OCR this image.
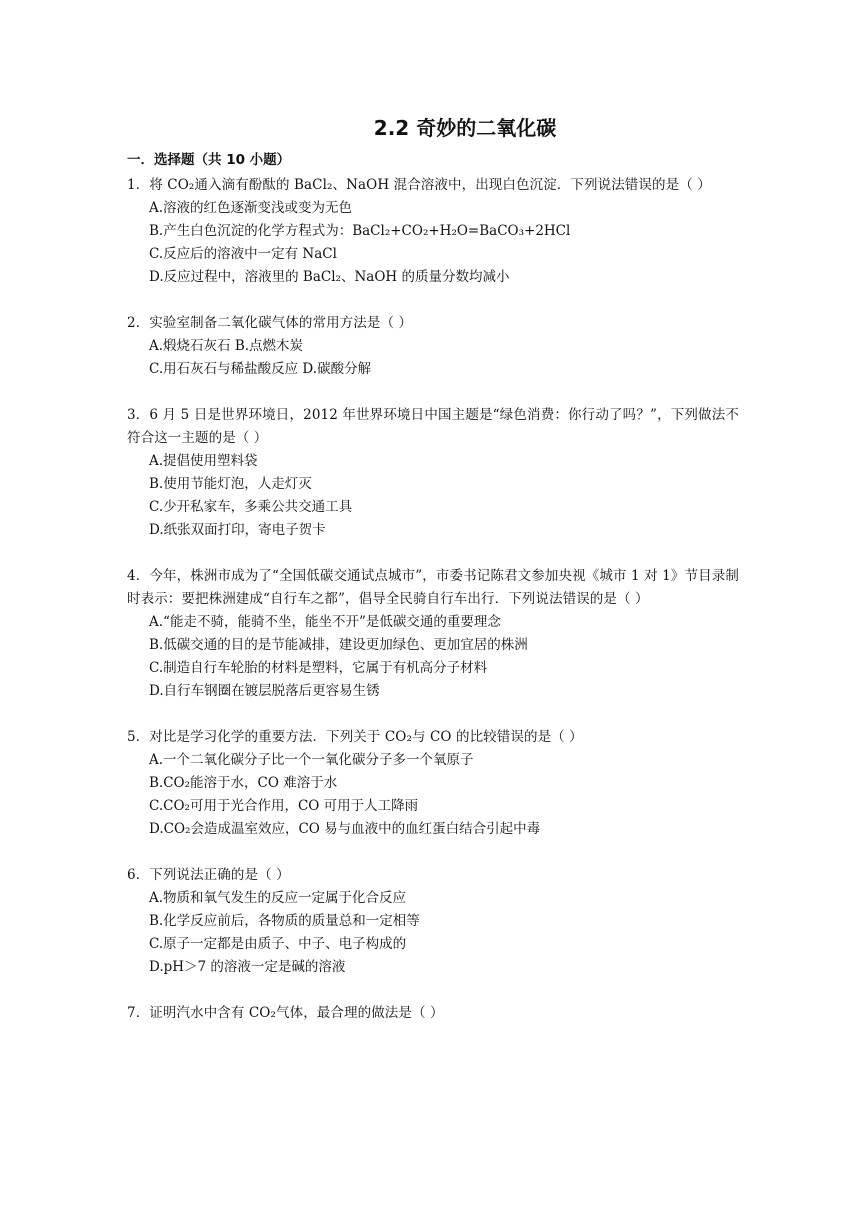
2.2 奇妙的二氧化碳
一．选择题（共 10 小题）
1．将 CO₂通入滴有酚酞的 BaCl₂、NaOH 混合溶液中，出现白色沉淀．下列说法错误的是（ ）
A.溶液的红色逐渐变浅或变为无色
B.产生白色沉淀的化学方程式为：BaCl₂+CO₂+H₂O=BaCO₃+2HCl
C.反应后的溶液中一定有 NaCl
D.反应过程中，溶液里的 BaCl₂、NaOH 的质量分数均减小
2．实验室制备二氧化碳气体的常用方法是（ ）
A.煅烧石灰石 B.点燃木炭
C.用石灰石与稀盐酸反应 D.碳酸分解
3．6 月 5 日是世界环境日，2012 年世界环境日中国主题是“绿色消费：你行动了吗？”，下列做法不符合这一主题的是（ ）
A.提倡使用塑料袋
B.使用节能灯泡，人走灯灭
C.少开私家车，多乘公共交通工具
D.纸张双面打印，寄电子贺卡
4．今年，株洲市成为了“全国低碳交通试点城市”，市委书记陈君文参加央视《城市 1 对 1》节目录制时表示：要把株洲建成“自行车之都”，倡导全民骑自行车出行．下列说法错误的是（ ）
A.“能走不骑，能骑不坐，能坐不开”是低碳交通的重要理念
B.低碳交通的目的是节能减排，建设更加绿色、更加宜居的株洲
C.制造自行车轮胎的材料是塑料，它属于有机高分子材料
D.自行车钢圈在镀层脱落后更容易生锈
5．对比是学习化学的重要方法．下列关于 CO₂与 CO 的比较错误的是（ ）
A.一个二氧化碳分子比一个一氧化碳分子多一个氧原子
B.CO₂能溶于水，CO 难溶于水
C.CO₂可用于光合作用，CO 可用于人工降雨
D.CO₂会造成温室效应，CO 易与血液中的血红蛋白结合引起中毒
6．下列说法正确的是（ ）
A.物质和氧气发生的反应一定属于化合反应
B.化学反应前后，各物质的质量总和一定相等
C.原子一定都是由质子、中子、电子构成的
D.pH＞7 的溶液一定是碱的溶液
7．证明汽水中含有 CO₂气体，最合理的做法是（ ）
